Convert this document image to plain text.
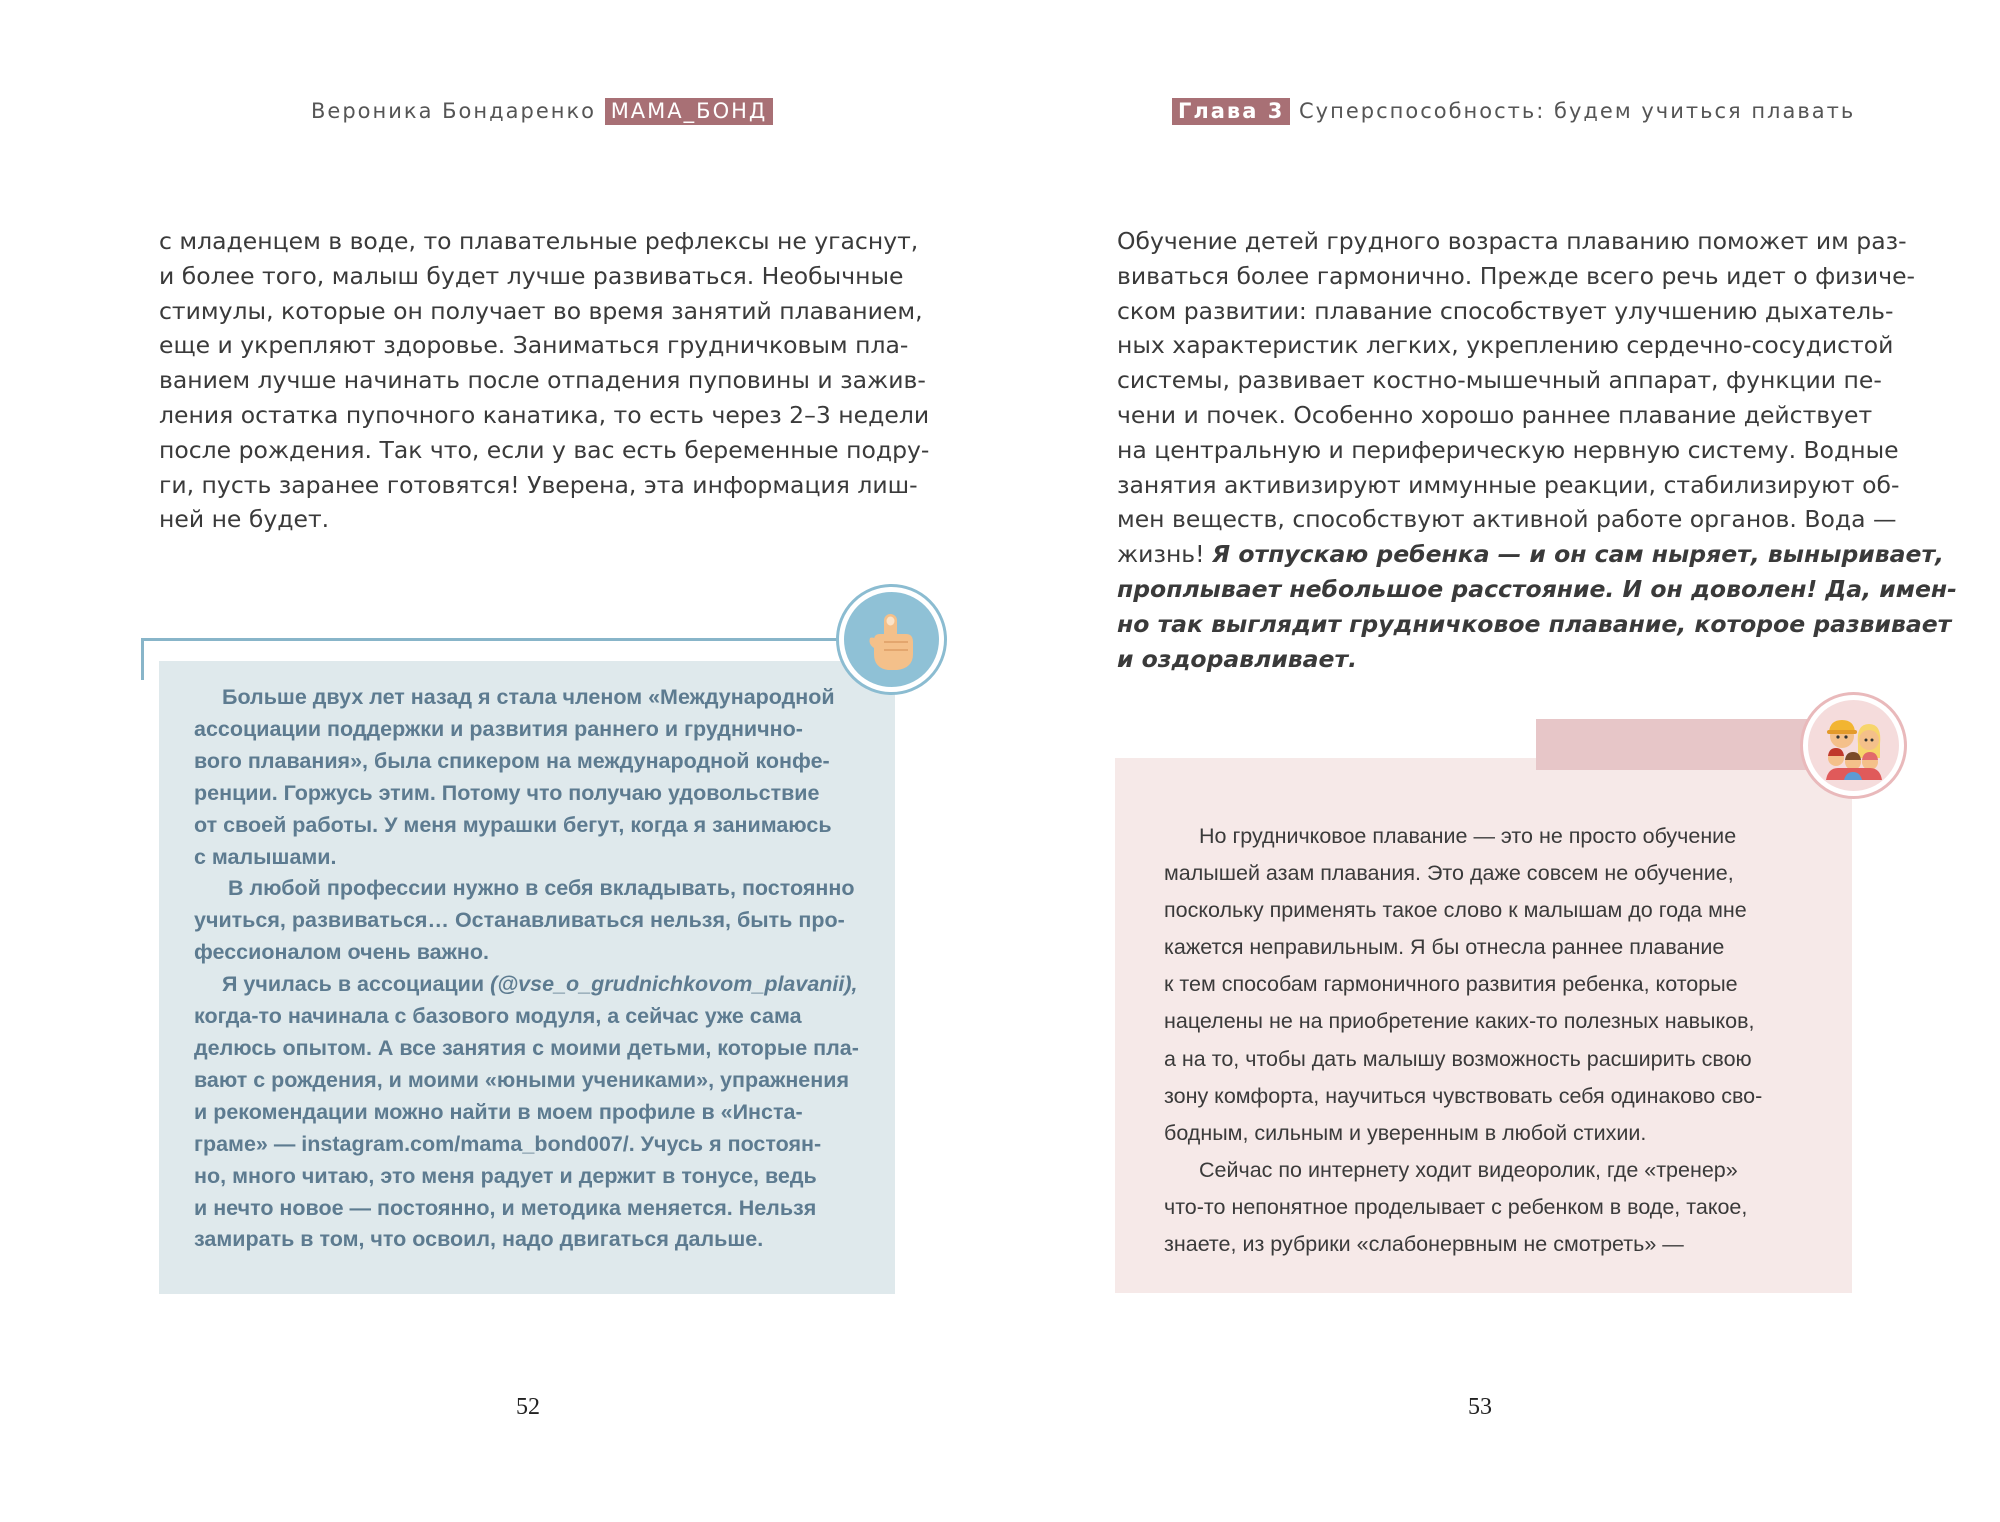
Вероника Бондаренко МАМА_БОНД

с младенцем в воде, то плавательные рефлексы не угаснут,
и более того, малыш будет лучше развиваться. Необычные
стимулы, которые он получает во время занятий плаванием,
еще и укрепляют здоровье. Заниматься грудничковым пла-
ванием лучше начинать после отпадения пуповины и зажив-
ления остатка пупочного канатика, то есть через 2–3 недели
после рождения. Так что, если у вас есть беременные подру-
ги, пусть заранее готовятся! Уверена, эта информация лиш-
ней не будет.

Больше двух лет назад я стала членом «Международной
ассоциации поддержки и развития раннего и груднично-
вого плавания», была спикером на международной конфе-
ренции. Горжусь этим. Потому что получаю удовольствие
от своей работы. У меня мурашки бегут, когда я занимаюсь
с малышами.
В любой профессии нужно в себя вкладывать, постоянно
учиться, развиваться… Останавливаться нельзя, быть про-
фессионалом очень важно.
Я училась в ассоциации (@vse_o_grudnichkovom_plavanii),
когда-то начинала с базового модуля, а сейчас уже сама
делюсь опытом. А все занятия с моими детьми, которые пла-
вают с рождения, и моими «юными учениками», упражнения
и рекомендации можно найти в моем профиле в «Инста-
граме» — instagram.com/mama_bond007/. Учусь я постоян-
но, много читаю, это меня радует и держит в тонусе, ведь
и нечто новое — постоянно, и методика меняется. Нельзя
замирать в том, что освоил, надо двигаться дальше.

52
Глава 3 Суперспособность: будем учиться плавать

Обучение детей грудного возраста плаванию поможет им раз-
виваться более гармонично. Прежде всего речь идет о физиче-
ском развитии: плавание способствует улучшению дыхатель-
ных характеристик легких, укреплению сердечно-сосудистой
системы, развивает костно-мышечный аппарат, функции пе-
чени и почек. Особенно хорошо раннее плавание действует
на центральную и периферическую нервную систему. Водные
занятия активизируют иммунные реакции, стабилизируют об-
мен веществ, способствуют активной работе органов. Вода —
жизнь! Я отпускаю ребенка — и он сам ныряет, выныривает,
проплывает небольшое расстояние. И он доволен! Да, имен-
но так выглядит грудничковое плавание, которое развивает
и оздоравливает.

Но грудничковое плавание — это не просто обучение
малышей азам плавания. Это даже совсем не обучение,
поскольку применять такое слово к малышам до года мне
кажется неправильным. Я бы отнесла раннее плавание
к тем способам гармоничного развития ребенка, которые
нацелены не на приобретение каких-то полезных навыков,
а на то, чтобы дать малышу возможность расширить свою
зону комфорта, научиться чувствовать себя одинаково сво-
бодным, сильным и уверенным в любой стихии.
Сейчас по интернету ходит видеоролик, где «тренер»
что-то непонятное проделывает с ребенком в воде, такое,
знаете, из рубрики «слабонервным не смотреть» —

53
